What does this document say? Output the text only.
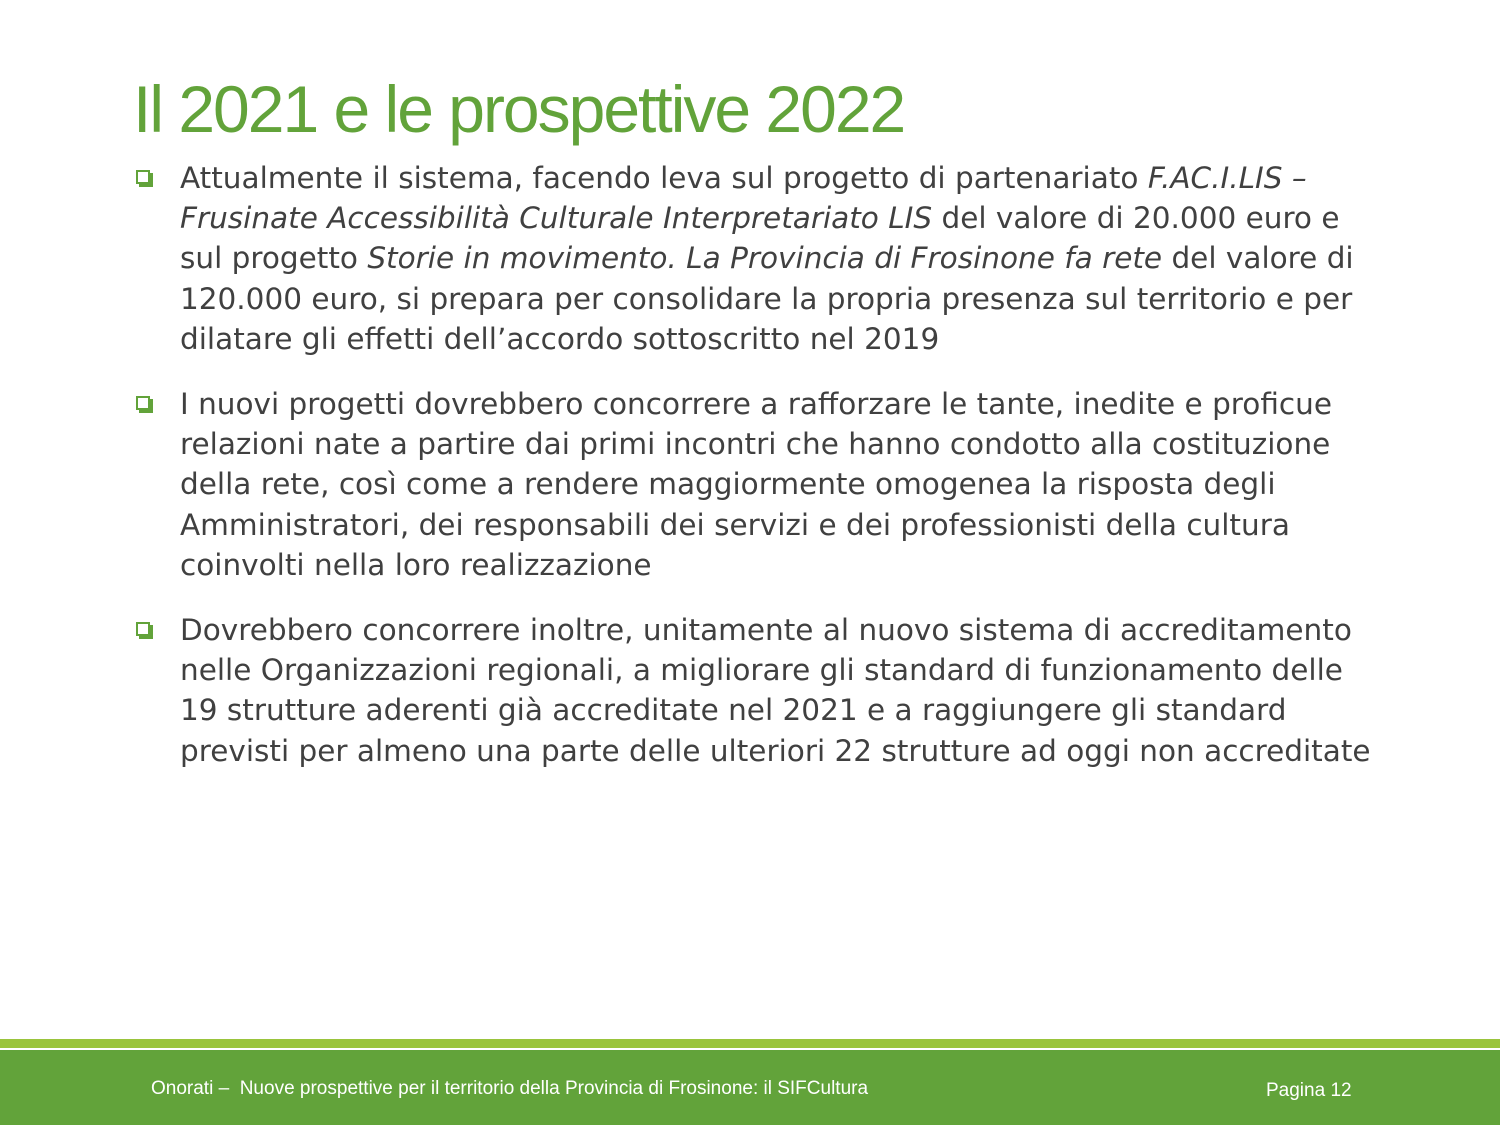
Il 2021 e le prospettive 2022
Attualmente il sistema, facendo leva sul progetto di partenariato F.AC.I.LIS – Frusinate Accessibilità Culturale Interpretariato LIS del valore di 20.000 euro e sul progetto Storie in movimento. La Provincia di Frosinone fa rete del valore di 120.000 euro, si prepara per consolidare la propria presenza sul territorio e per dilatare gli effetti dell’accordo sottoscritto nel 2019
I nuovi progetti dovrebbero concorrere a rafforzare le tante, inedite e proficue relazioni nate a partire dai primi incontri che hanno condotto alla costituzione della rete, così come a rendere maggiormente omogenea la risposta degli Amministratori, dei responsabili dei servizi e dei professionisti della cultura coinvolti nella loro realizzazione
Dovrebbero concorrere inoltre, unitamente al nuovo sistema di accreditamento nelle Organizzazioni regionali, a migliorare gli standard di funzionamento delle 19 strutture aderenti già accreditate nel 2021 e a raggiungere gli standard previsti per almeno una parte delle ulteriori 22 strutture ad oggi non accreditate
Onorati –  Nuove prospettive per il territorio della Provincia di Frosinone: il SIFCultura	Pagina 12
